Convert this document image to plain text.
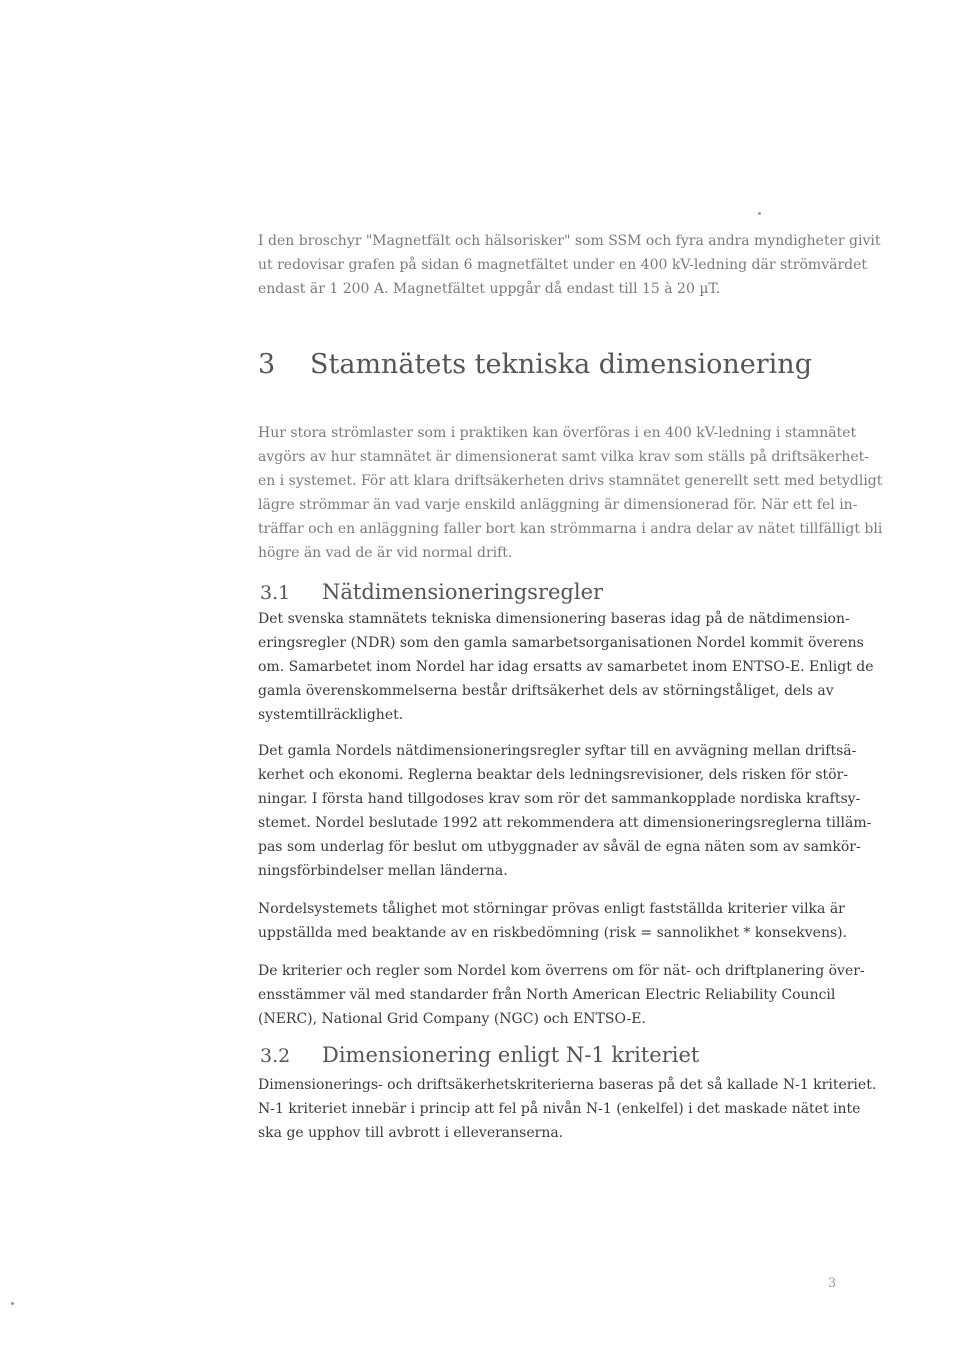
I den broschyr "Magnetfält och hälsorisker" som SSM och fyra andra myndigheter givit
ut redovisar grafen på sidan 6 magnetfältet under en 400 kV-ledning där strömvärdet
endast är 1 200 A. Magnetfältet uppgår då endast till 15 à 20 µT.

3 Stamnätets tekniska dimensionering

Hur stora strömlaster som i praktiken kan överföras i en 400 kV-ledning i stamnätet
avgörs av hur stamnätet är dimensionerat samt vilka krav som ställs på driftsäkerhet-
en i systemet. För att klara driftsäkerheten drivs stamnätet generellt sett med betydligt
lägre strömmar än vad varje enskild anläggning är dimensionerad för. När ett fel in-
träffar och en anläggning faller bort kan strömmarna i andra delar av nätet tillfälligt bli
högre än vad de är vid normal drift.

3.1 Nätdimensioneringsregler

Det svenska stamnätets tekniska dimensionering baseras idag på de nätdimension-
eringsregler (NDR) som den gamla samarbetsorganisationen Nordel kommit överens
om. Samarbetet inom Nordel har idag ersatts av samarbetet inom ENTSO-E. Enligt de
gamla överenskommelserna består driftsäkerhet dels av störningståliget, dels av
systemtillräcklighet.

Det gamla Nordels nätdimensioneringsregler syftar till en avvägning mellan driftsä-
kerhet och ekonomi. Reglerna beaktar dels ledningsrevisioner, dels risken för stör-
ningar. I första hand tillgodoses krav som rör det sammankopplade nordiska kraftsy-
stemet. Nordel beslutade 1992 att rekommendera att dimensioneringsreglerna tilläm-
pas som underlag för beslut om utbyggnader av såväl de egna näten som av samkör-
ningsförbindelser mellan länderna.

Nordelsystemets tålighet mot störningar prövas enligt fastställda kriterier vilka är
uppställda med beaktande av en riskbedömning (risk = sannolikhet * konsekvens).

De kriterier och regler som Nordel kom överrens om för nät- och driftplanering över-
ensstämmer väl med standarder från North American Electric Reliability Council
(NERC), National Grid Company (NGC) och ENTSO-E.

3.2 Dimensionering enligt N-1 kriteriet

Dimensionerings- och driftsäkerhetskriterierna baseras på det så kallade N-1 kriteriet.
N-1 kriteriet innebär i princip att fel på nivån N-1 (enkelfel) i det maskade nätet inte
ska ge upphov till avbrott i elleveranserna.

3
